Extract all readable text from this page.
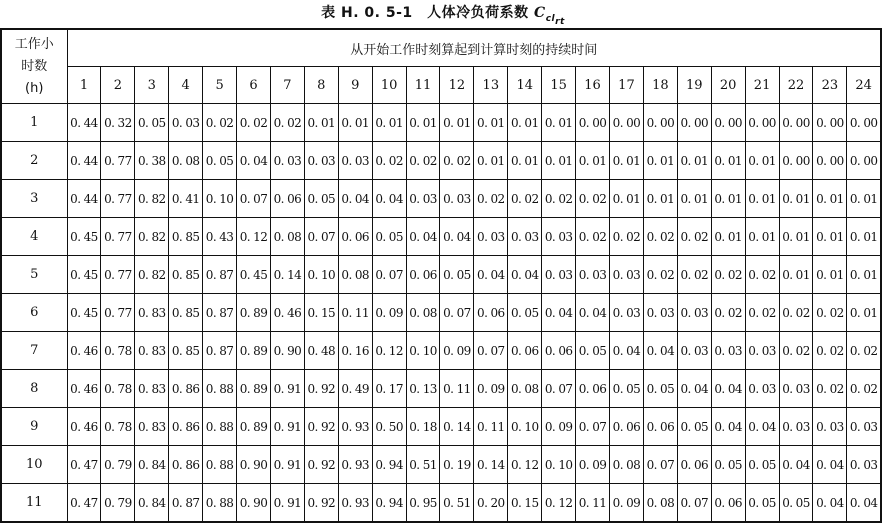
表 H. 0. 5-1　人体冷负荷系数 $C_{cl_{rt}}$
工作小
时数
(h)	从开始工作时刻算起到计算时刻的持续时间																							
	1	2	3	4	5	6	7	8	9	10	11	12	13	14	15	16	17	18	19	20	21	22	23	24
1	0. 44	0. 32	0. 05	0. 03	0. 02	0. 02	0. 02	0. 01	0. 01	0. 01	0. 01	0. 01	0. 01	0. 01	0. 01	0. 00	0. 00	0. 00	0. 00	0. 00	0. 00	0. 00	0. 00	0. 00
2	0. 44	0. 77	0. 38	0. 08	0. 05	0. 04	0. 03	0. 03	0. 03	0. 02	0. 02	0. 02	0. 01	0. 01	0. 01	0. 01	0. 01	0. 01	0. 01	0. 01	0. 01	0. 00	0. 00	0. 00
3	0. 44	0. 77	0. 82	0. 41	0. 10	0. 07	0. 06	0. 05	0. 04	0. 04	0. 03	0. 03	0. 02	0. 02	0. 02	0. 02	0. 01	0. 01	0. 01	0. 01	0. 01	0. 01	0. 01	0. 01
4	0. 45	0. 77	0. 82	0. 85	0. 43	0. 12	0. 08	0. 07	0. 06	0. 05	0. 04	0. 04	0. 03	0. 03	0. 03	0. 02	0. 02	0. 02	0. 02	0. 01	0. 01	0. 01	0. 01	0. 01
5	0. 45	0. 77	0. 82	0. 85	0. 87	0. 45	0. 14	0. 10	0. 08	0. 07	0. 06	0. 05	0. 04	0. 04	0. 03	0. 03	0. 03	0. 02	0. 02	0. 02	0. 02	0. 01	0. 01	0. 01
6	0. 45	0. 77	0. 83	0. 85	0. 87	0. 89	0. 46	0. 15	0. 11	0. 09	0. 08	0. 07	0. 06	0. 05	0. 04	0. 04	0. 03	0. 03	0. 03	0. 02	0. 02	0. 02	0. 02	0. 01
7	0. 46	0. 78	0. 83	0. 85	0. 87	0. 89	0. 90	0. 48	0. 16	0. 12	0. 10	0. 09	0. 07	0. 06	0. 06	0. 05	0. 04	0. 04	0. 03	0. 03	0. 03	0. 02	0. 02	0. 02
8	0. 46	0. 78	0. 83	0. 86	0. 88	0. 89	0. 91	0. 92	0. 49	0. 17	0. 13	0. 11	0. 09	0. 08	0. 07	0. 06	0. 05	0. 05	0. 04	0. 04	0. 03	0. 03	0. 02	0. 02
9	0. 46	0. 78	0. 83	0. 86	0. 88	0. 89	0. 91	0. 92	0. 93	0. 50	0. 18	0. 14	0. 11	0. 10	0. 09	0. 07	0. 06	0. 06	0. 05	0. 04	0. 04	0. 03	0. 03	0. 03
10	0. 47	0. 79	0. 84	0. 86	0. 88	0. 90	0. 91	0. 92	0. 93	0. 94	0. 51	0. 19	0. 14	0. 12	0. 10	0. 09	0. 08	0. 07	0. 06	0. 05	0. 05	0. 04	0. 04	0. 03
11	0. 47	0. 79	0. 84	0. 87	0. 88	0. 90	0. 91	0. 92	0. 93	0. 94	0. 95	0. 51	0. 20	0. 15	0. 12	0. 11	0. 09	0. 08	0. 07	0. 06	0. 05	0. 05	0. 04	0. 04
